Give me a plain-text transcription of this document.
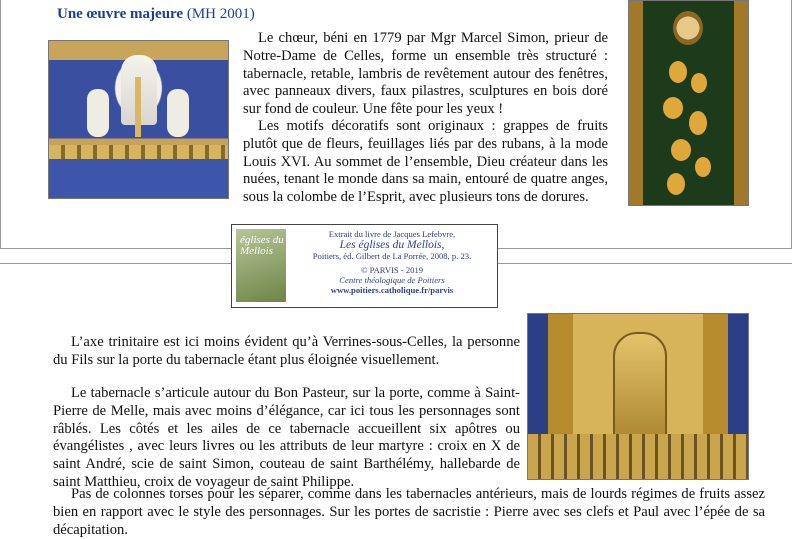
Une œuvre majeure (MH 2001)

Le chœur, béni en 1779 par Mgr Marcel Simon, prieur de Notre-Dame de Celles, forme un ensemble très structuré : tabernacle, retable, lambris de revêtement autour des fenêtres, avec panneaux divers, faux pilastres, sculptures en bois doré sur fond de couleur. Une fête pour les yeux !

Les motifs décoratifs sont originaux : grappes de fruits plutôt que de fleurs, feuillages liés par des rubans, à la mode Louis XVI. Au sommet de l’ensemble, Dieu créateur dans les nuées, tenant le monde dans sa main, entouré de quatre anges, sous la colombe de l’Esprit, avec plusieurs tons de dorures.

églises du Mellois
Extrait du livre de Jacques Lefebvre,
Les églises du Mellois,
Poitiers, éd. Gilbert de La Porrée, 2008, p. 23.
© PARVIS - 2019
Centre théologique de Poitiers
www.poitiers.catholique.fr/parvis

L’axe trinitaire est ici moins évident qu’à Verrines-sous-Celles, la personne du Fils sur la porte du tabernacle étant plus éloignée visuellement.

Le tabernacle s’articule autour du Bon Pasteur, sur la porte, comme à Saint-Pierre de Melle, mais avec moins d’élégance, car ici tous les personnages sont râblés. Les côtés et les ailes de ce tabernacle accueillent six apôtres ou évangélistes , avec leurs livres ou les attributs de leur martyre : croix en X de saint André, scie de saint Simon, couteau de saint Barthélémy, hallebarde de saint Matthieu, croix de voyageur de saint Philippe.

Pas de colonnes torses pour les séparer, comme dans les tabernacles antérieurs, mais de lourds régimes de fruits assez bien en rapport avec le style des personnages. Sur les portes de sacristie : Pierre avec ses clefs et Paul avec l’épée de sa décapitation.
